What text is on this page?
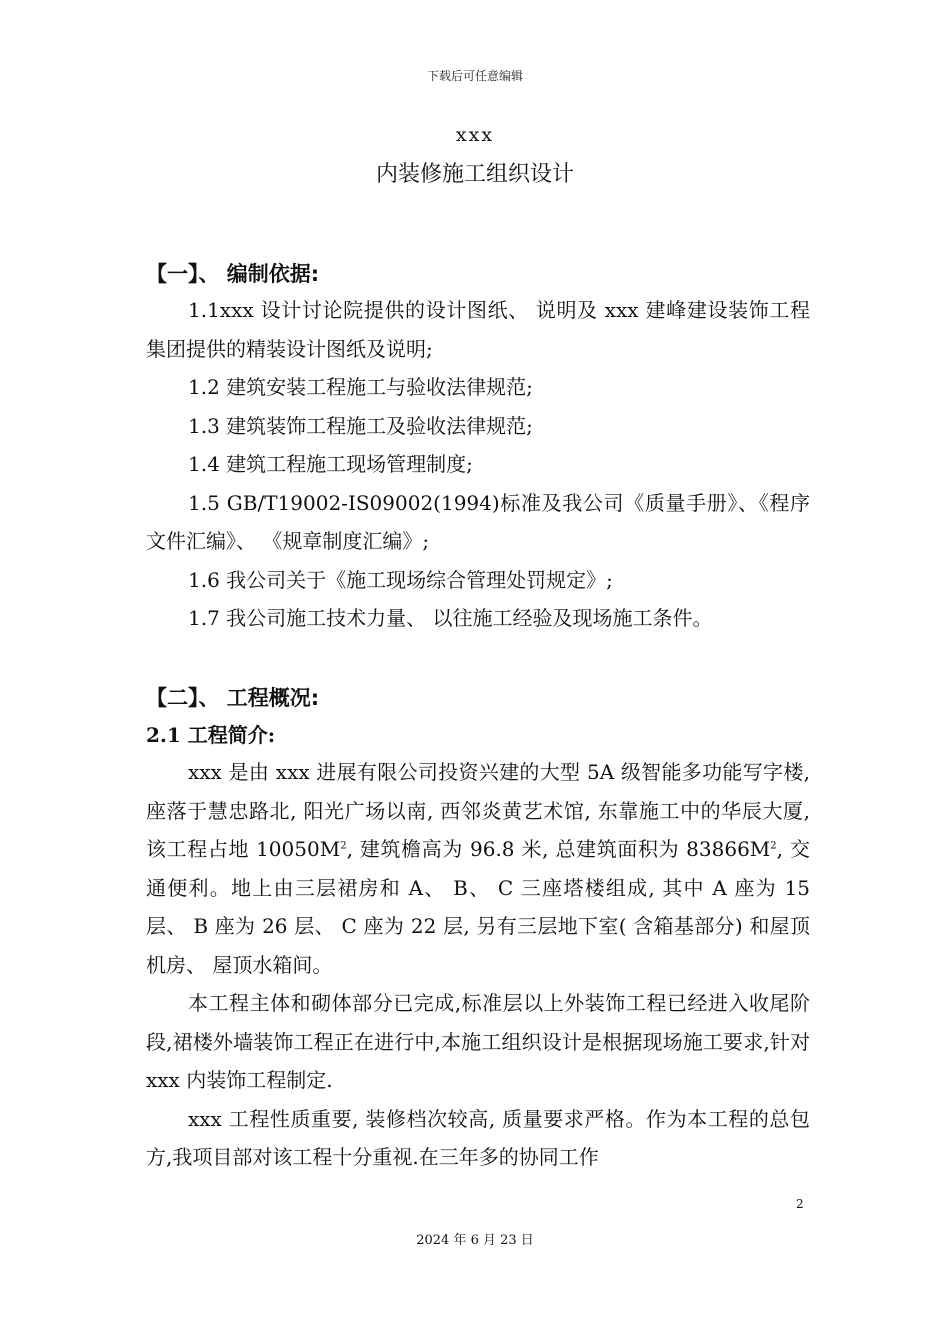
下载后可任意编辑
xxx
内装修施工组织设计
【一】、 编制依据:

1.1xxx 设计讨论院提供的设计图纸、 说明及 xxx 建峰建设装饰工程集团提供的精装设计图纸及说明;

1.2 建筑安装工程施工与验收法律规范;

1.3 建筑装饰工程施工及验收法律规范;

1.4 建筑工程施工现场管理制度;

1.5 GB/T19002-IS09002(1994)标准及我公司《质量手册》、《程序文件汇编》、 《规章制度汇编》;

1.6 我公司关于《施工现场综合管理处罚规定》;

1.7 我公司施工技术力量、 以往施工经验及现场施工条件。

【二】、 工程概况:
2.1 工程简介:

xxx 是由 xxx 进展有限公司投资兴建的大型 5A 级智能多功能写字楼, 座落于慧忠路北, 阳光广场以南, 西邻炎黄艺术馆, 东靠施工中的华辰大厦,该工程占地 $10050M^2$, 建筑檐高为 96.8 米, 总建筑面积为 $83866M^2$, 交通便利。地上由三层裙房和 A、 B、 C 三座塔楼组成, 其中 A 座为 15 层、 B 座为 26 层、 C 座为 22 层, 另有三层地下室( 含箱基部分) 和屋顶机房、 屋顶水箱间。

本工程主体和砌体部分已完成,标准层以上外装饰工程已经进入收尾阶段,裙楼外墙装饰工程正在进行中,本施工组织设计是根据现场施工要求,针对 xxx 内装饰工程制定.

xxx 工程性质重要, 装修档次较高, 质量要求严格。作为本工程的总包方,我项目部对该工程十分重视.在三年多的协同工作

2
2024 年 6 月 23 日
